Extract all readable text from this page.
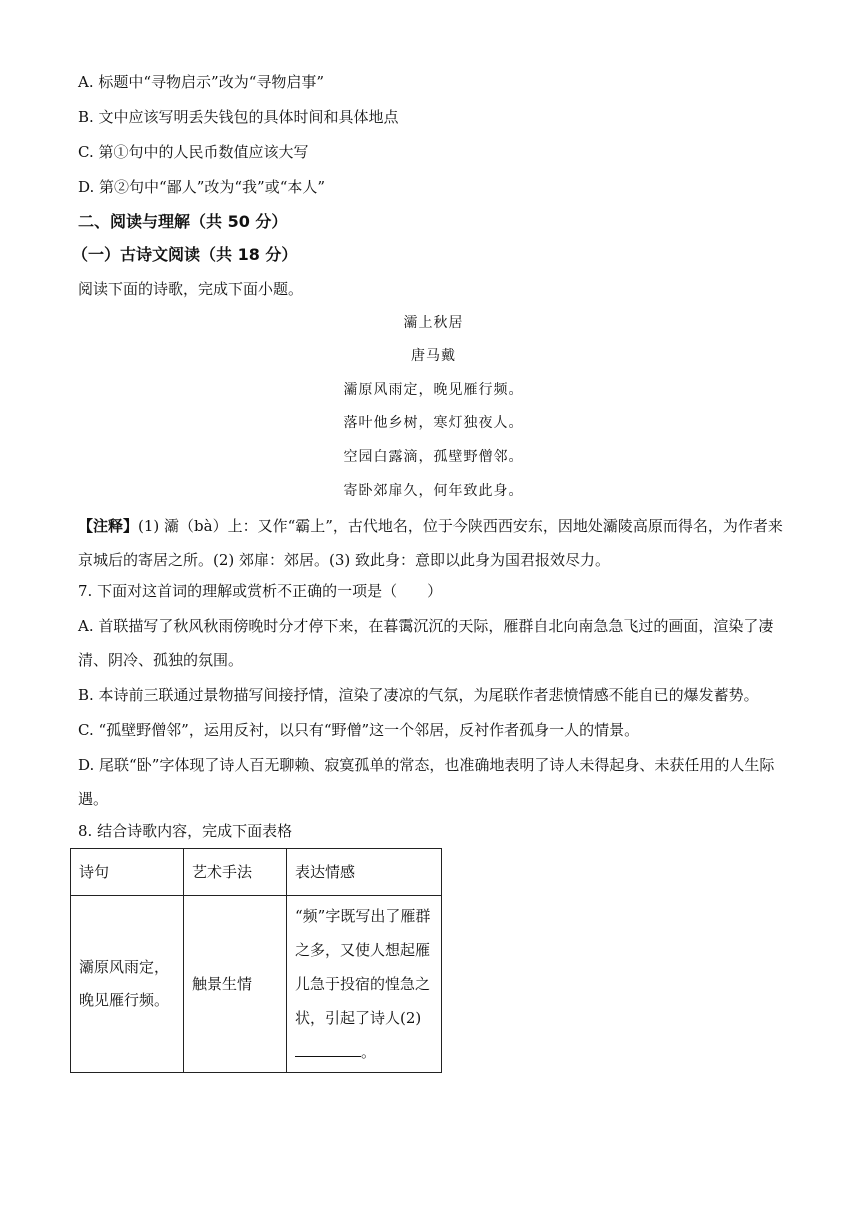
A. 标题中“寻物启示”改为“寻物启事”
B. 文中应该写明丢失钱包的具体时间和具体地点
C. 第①句中的人民币数值应该大写
D. 第②句中“鄙人”改为“我”或“本人”
二、阅读与理解（共 50 分）
（一）古诗文阅读（共 18 分）
阅读下面的诗歌，完成下面小题。
灞上秋居
唐马戴
灞原风雨定，晚见雁行频。
落叶他乡树，寒灯独夜人。
空园白露滴，孤壁野僧邻。
寄卧郊扉久，何年致此身。
【注释】(1) 灞（bà）上：又作“霸上”，古代地名，位于今陕西西安东，因地处灞陵高原而得名，为作者来京城后的寄居之所。(2) 郊扉：郊居。(3) 致此身：意即以此身为国君报效尽力。
7. 下面对这首词的理解或赏析不正确的一项是（　　）
A. 首联描写了秋风秋雨傍晚时分才停下来，在暮霭沉沉的天际，雁群自北向南急急飞过的画面，渲染了凄清、阴冷、孤独的氛围。
B. 本诗前三联通过景物描写间接抒情，渲染了凄凉的气氛，为尾联作者悲愤情感不能自已的爆发蓄势。
C. “孤壁野僧邻”，运用反衬，以只有“野僧”这一个邻居，反衬作者孤身一人的情景。
D. 尾联“卧”字体现了诗人百无聊赖、寂寞孤单的常态，也准确地表明了诗人未得起身、未获任用的人生际遇。
8. 结合诗歌内容，完成下面表格
诗句	艺术手法	表达情感
灞原风雨定，晚见雁行频。	触景生情	“频”字既写出了雁群之多，又使人想起雁儿急于投宿的惶急之状，引起了诗人(2)
。
